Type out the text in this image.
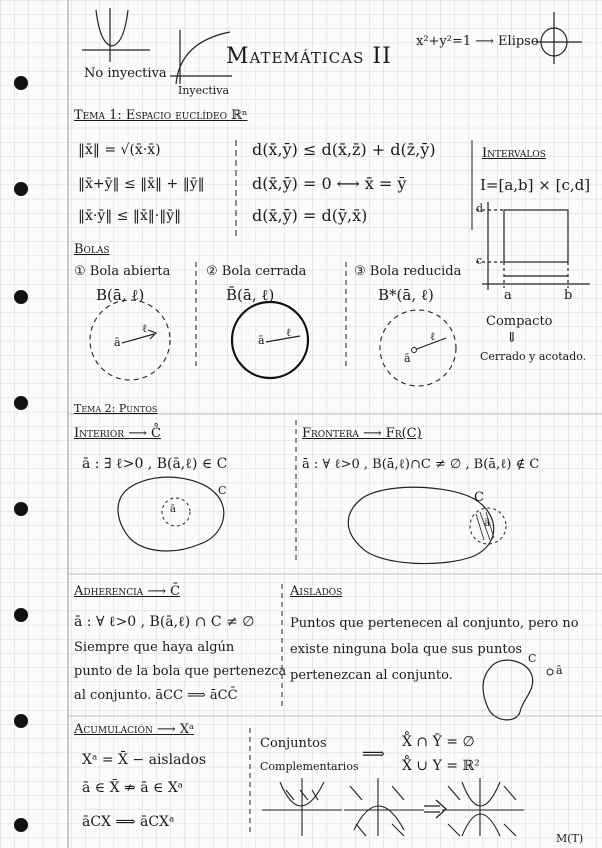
No inyectiva
Inyectiva
Matemáticas II
x²+y²=1 ⟶ Elipse
Tema 1: Espacio euclídeo ℝⁿ
‖x̄‖ = √(x̄·x̄)
‖x̄+ȳ‖ ≤ ‖x̄‖ + ‖ȳ‖
‖x̄·ȳ‖ ≤ ‖x̄‖·‖ȳ‖
d(x̄,ȳ) ≤ d(x̄,z̄) + d(z̄,ȳ)
d(x̄,ȳ) = 0 ⟷ x̄ = ȳ
d(x̄,ȳ) = d(ȳ,x̄)
Intervalos
I=[a,b] × [c,d]
d
c
a	b
Compacto
⇓
Cerrado y acotado.
Bolas
① Bola abierta
B(ā, ℓ)
② Bola cerrada
B̄(ā, ℓ)
③ Bola reducida
B*(ā, ℓ)
ā
ℓ
ā
ℓ
ā
ℓ
Tema 2: Puntos
Interior ⟶ C̊
ā : ∃ ℓ>0 , B(ā,ℓ) ∈ C
C
ā
Frontera ⟶ Fr(C)
ā : ∀ ℓ>0 , B(ā,ℓ)∩C ≠ ∅ , B(ā,ℓ) ∉ C
C
ā
Adherencia ⟶ C̄
ā : ∀ ℓ>0 , B(ā,ℓ) ∩ C ≠ ∅
Siempre que haya algún
punto de la bola que pertenezca
al conjunto. āCC ⟹ āCC̄
Aislados
Puntos que pertenecen al conjunto, pero no
existe ninguna bola que sus puntos
pertenezcan al conjunto.
C
ā
Acumulación ⟶ Xᵃ
Xᵃ = X̄ − aislados
ā ∈ X̄ ⇏ ā ∈ Xᵃ
āCX ⟹ āCXᵃ
Conjuntos
Complementarios
⟹
X̊ ∩ Ȳ = ∅
X̊ ∪ Y = ℝ²
M(T)
